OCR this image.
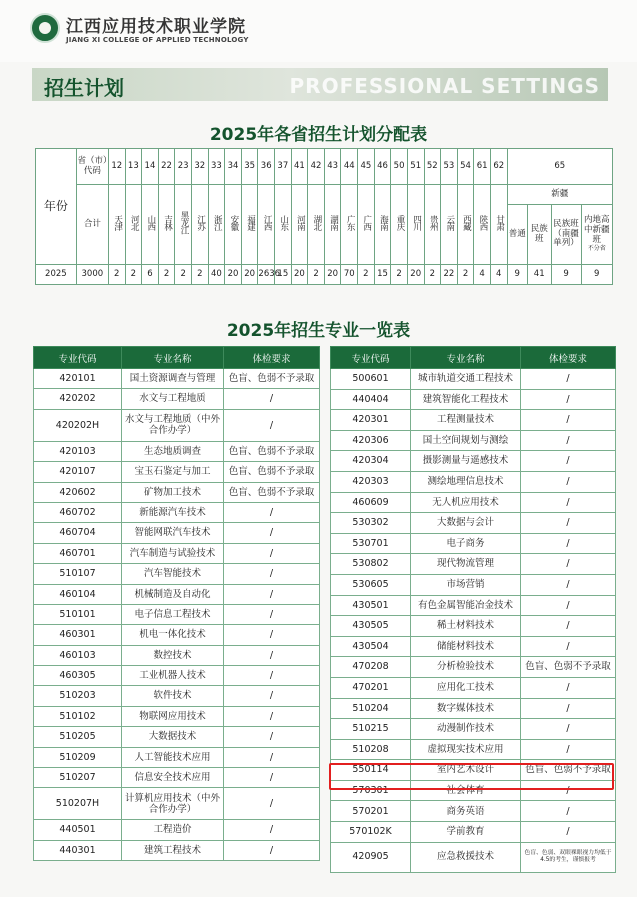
江西应用技术职业学院
JIANG XI COLLEGE OF APPLIED TECHNOLOGY
招生计划	PROFESSIONAL SETTINGS
2025年各省招生计划分配表
年份	省（市）代码	12	13	14	22	23	32	33	34	35	36	37	41	42	43	44	45	46	50	51	52	53	54	61	62	65			
	合计	天津	河北	山西	吉林	黑龙江	江苏	浙江	安徽	福建	江西	山东	河南	湖北	湖南	广东	广西	海南	重庆	四川	贵州	云南	西藏	陕西	甘肃	新疆			

																										普通	民族班	民族班（南疆单列）	内地高中新疆班
不分省

2025	3000	2	2	6	2	2	2	40	20	20	2636	15	20	2	20	70	2	15	2	20	2	22	2	4	4	9	41	9	9
2025年招生专业一览表
专业代码	专业名称	体检要求
420101	国土资源调查与管理	色盲、色弱不予录取
420202	水文与工程地质	/
420202H	水文与工程地质（中外合作办学）	/
420103	生态地质调查	色盲、色弱不予录取
420107	宝玉石鉴定与加工	色盲、色弱不予录取
420602	矿物加工技术	色盲、色弱不予录取
460702	新能源汽车技术	/
460704	智能网联汽车技术	/
460701	汽车制造与试验技术	/
510107	汽车智能技术	/
460104	机械制造及自动化	/
510101	电子信息工程技术	/
460301	机电一体化技术	/
460103	数控技术	/
460305	工业机器人技术	/
510203	软件技术	/
510102	物联网应用技术	/
510205	大数据技术	/
510209	人工智能技术应用	/
510207	信息安全技术应用	/
510207H	计算机应用技术（中外合作办学）	/
440501	工程造价	/
440301	建筑工程技术	/
专业代码	专业名称	体检要求
500601	城市轨道交通工程技术	/
440404	建筑智能化工程技术	/
420301	工程测量技术	/
420306	国土空间规划与测绘	/
420304	摄影测量与遥感技术	/
420303	测绘地理信息技术	/
460609	无人机应用技术	/
530302	大数据与会计	/
530701	电子商务	/
530802	现代物流管理	/
530605	市场营销	/
430501	有色金属智能冶金技术	/
430505	稀土材料技术	/
430504	储能材料技术	/
470208	分析检验技术	色盲、色弱不予录取
470201	应用化工技术	/
510204	数字媒体技术	/
510215	动漫制作技术	/
510208	虚拟现实技术应用	/
550114	室内艺术设计	色盲、色弱不予录取
570301	社会体育	/
570201	商务英语	/
570102K	学前教育	/
420905	应急救援技术	色盲、色弱、双眼裸眼视力均低于4.5的考生，谨慎报考
